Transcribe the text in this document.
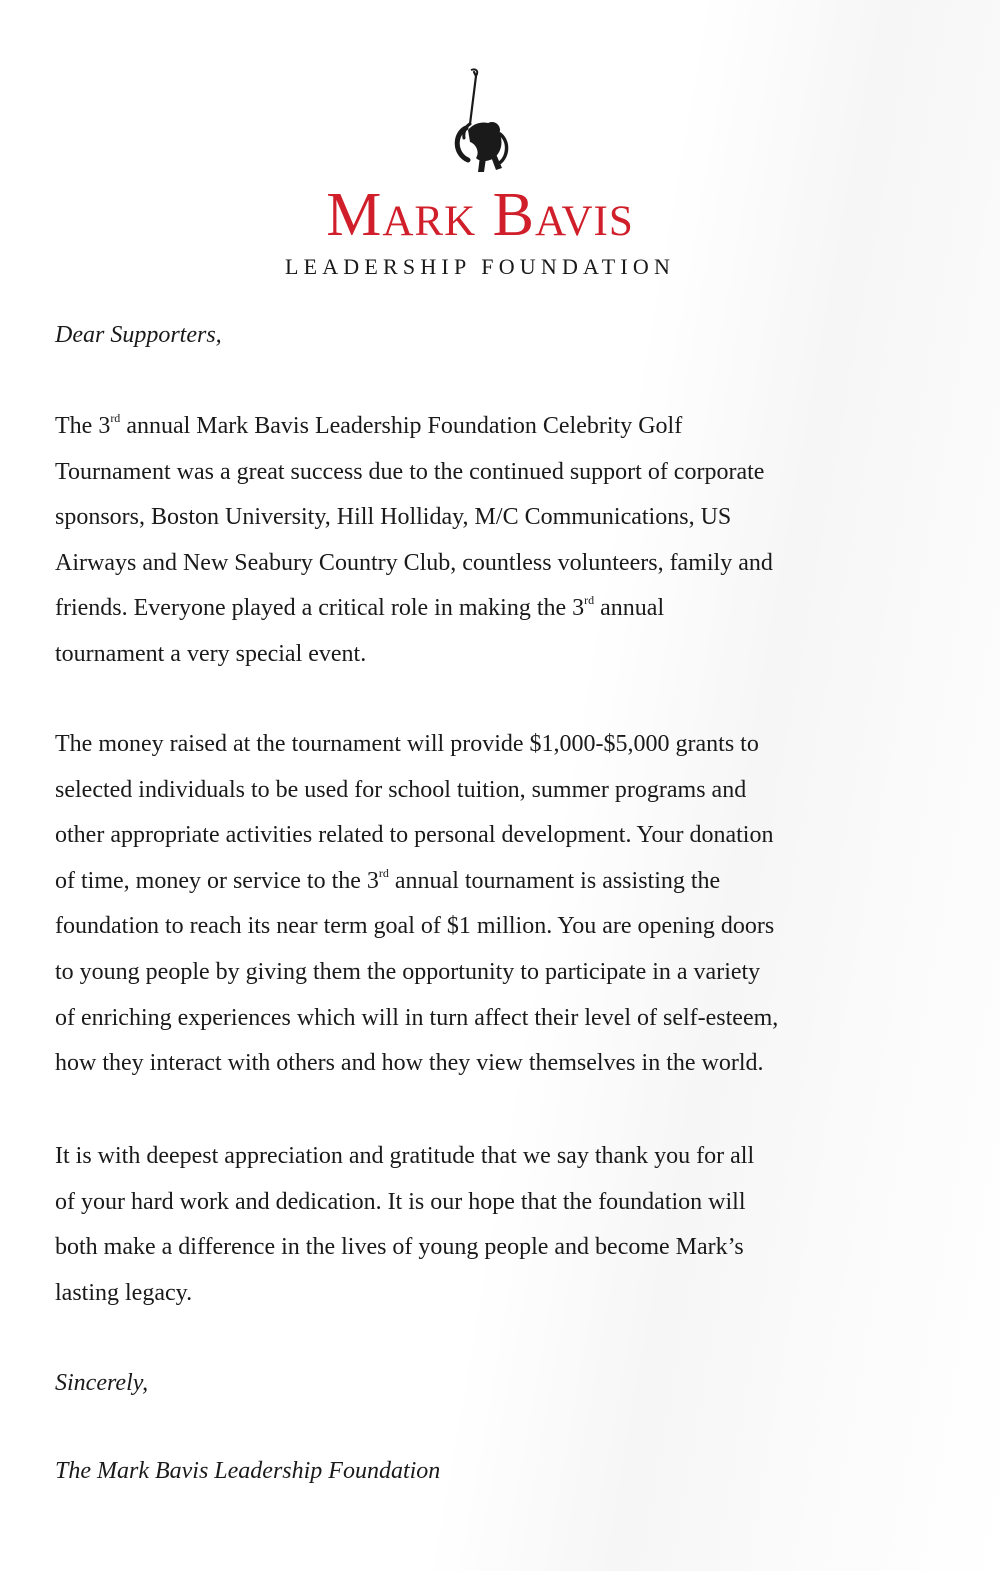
Mark Bavis
LEADERSHIP FOUNDATION

Dear Supporters,

The 3rd annual Mark Bavis Leadership Foundation Celebrity Golf
Tournament was a great success due to the continued support of corporate
sponsors, Boston University, Hill Holliday, M/C Communications, US
Airways and New Seabury Country Club, countless volunteers, family and
friends. Everyone played a critical role in making the 3rd annual
tournament a very special event.

The money raised at the tournament will provide $1,000-$5,000 grants to
selected individuals to be used for school tuition, summer programs and
other appropriate activities related to personal development. Your donation
of time, money or service to the 3rd annual tournament is assisting the
foundation to reach its near term goal of $1 million. You are opening doors
to young people by giving them the opportunity to participate in a variety
of enriching experiences which will in turn affect their level of self-esteem,
how they interact with others and how they view themselves in the world.

It is with deepest appreciation and gratitude that we say thank you for all
of your hard work and dedication. It is our hope that the foundation will
both make a difference in the lives of young people and become Mark’s
lasting legacy.

Sincerely,

The Mark Bavis Leadership Foundation
